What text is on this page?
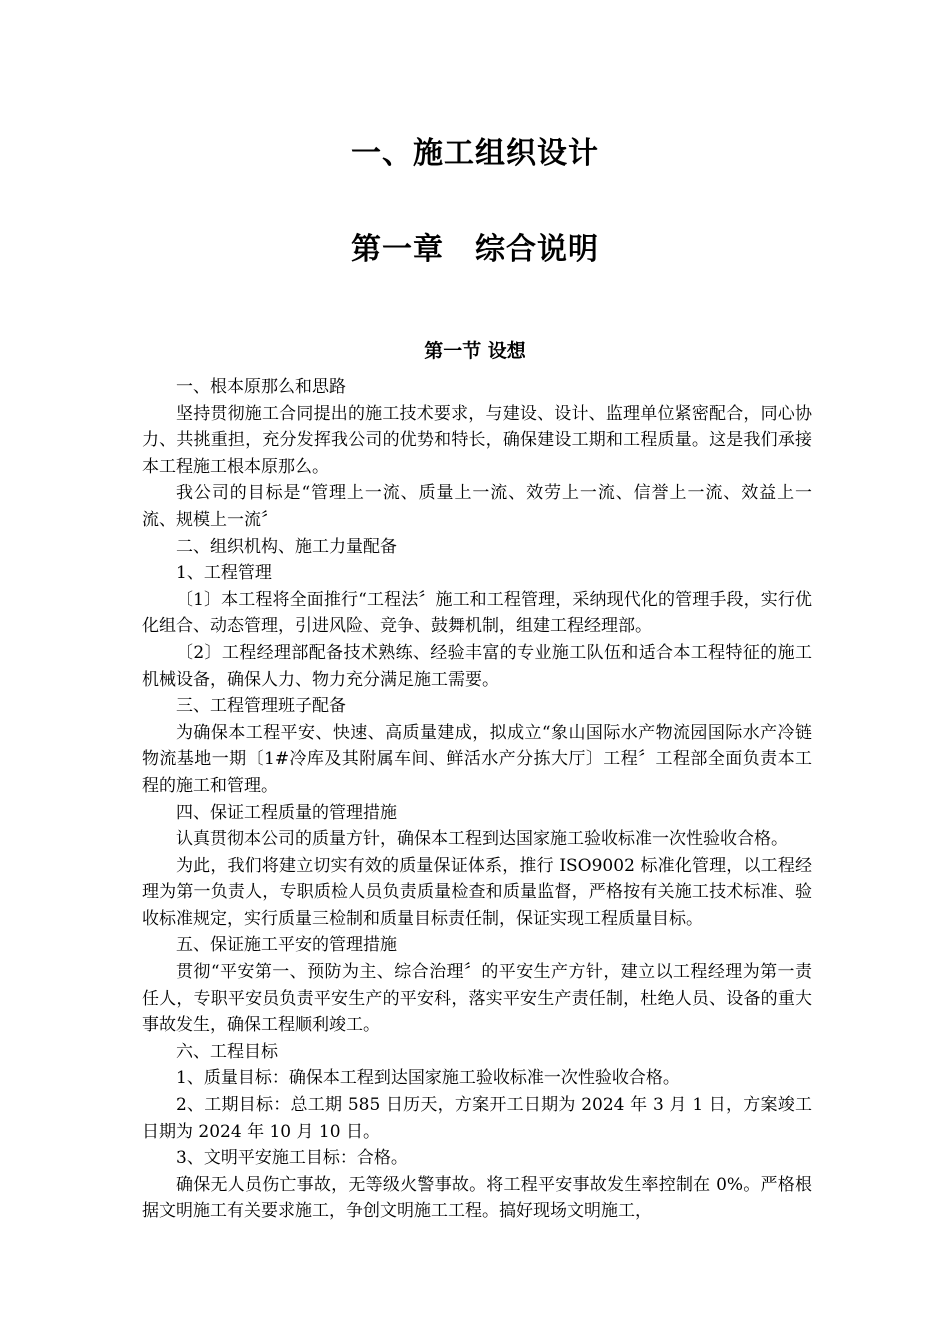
一、施工组织设计
第一章　综合说明
第一节 设想

一、根本原那么和思路

坚持贯彻施工合同提出的施工技术要求，与建设、设计、监理单位紧密配合，同心协力、共挑重担，充分发挥我公司的优势和特长，确保建设工期和工程质量。这是我们承接本工程施工根本原那么。

我公司的目标是“管理上一流、质量上一流、效劳上一流、信誉上一流、效益上一流、规模上一流〞

二、组织机构、施工力量配备

1、工程管理

〔1〕本工程将全面推行“工程法〞施工和工程管理，采纳现代化的管理手段，实行优化组合、动态管理，引进风险、竞争、鼓舞机制，组建工程经理部。

〔2〕工程经理部配备技术熟练、经验丰富的专业施工队伍和适合本工程特征的施工机械设备，确保人力、物力充分满足施工需要。

三、工程管理班子配备

为确保本工程平安、快速、高质量建成，拟成立“象山国际水产物流园国际水产冷链物流基地一期〔1#冷库及其附属车间、鲜活水产分拣大厅〕工程〞工程部全面负责本工程的施工和管理。

四、保证工程质量的管理措施

认真贯彻本公司的质量方针，确保本工程到达国家施工验收标准一次性验收合格。

为此，我们将建立切实有效的质量保证体系，推行 ISO9002 标准化管理，以工程经理为第一负责人，专职质检人员负责质量检查和质量监督，严格按有关施工技术标准、验收标准规定，实行质量三检制和质量目标责任制，保证实现工程质量目标。

五、保证施工平安的管理措施

贯彻“平安第一、预防为主、综合治理〞的平安生产方针，建立以工程经理为第一责任人，专职平安员负责平安生产的平安科，落实平安生产责任制，杜绝人员、设备的重大事故发生，确保工程顺利竣工。

六、工程目标

1、质量目标：确保本工程到达国家施工验收标准一次性验收合格。

2、工期目标：总工期 585 日历天，方案开工日期为 2024 年 3 月 1 日，方案竣工日期为 2024 年 10 月 10 日。

3、文明平安施工目标：合格。

确保无人员伤亡事故，无等级火警事故。将工程平安事故发生率控制在 0%。严格根据文明施工有关要求施工，争创文明施工工程。搞好现场文明施工，
